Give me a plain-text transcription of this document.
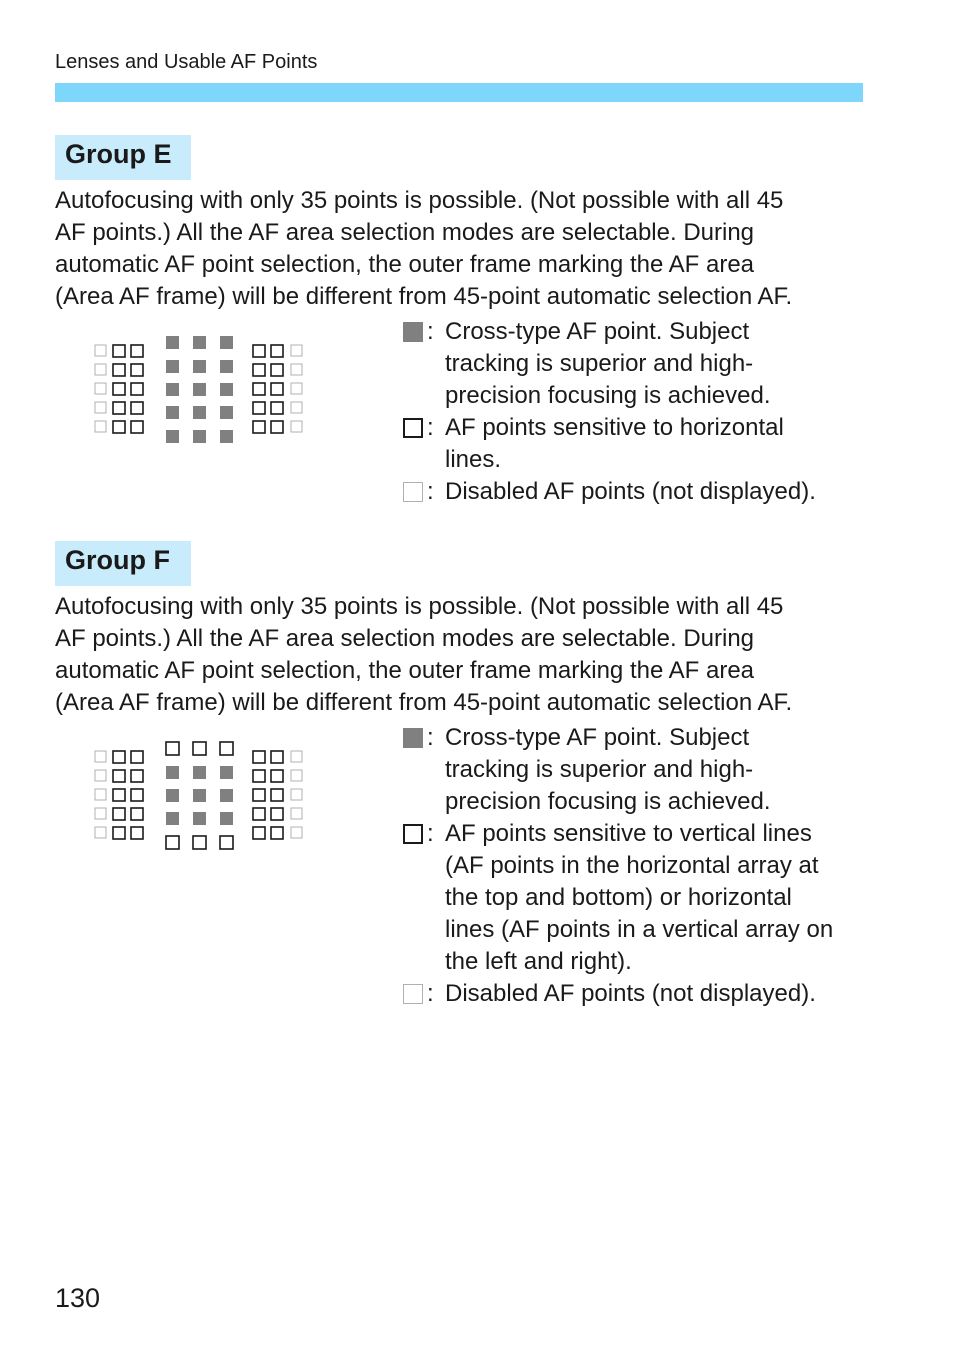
Lenses and Usable AF Points
Group E

Autofocusing with only 35 points is possible. (Not possible with all 45
AF points.) All the AF area selection modes are selectable. During
automatic AF point selection, the outer frame marking the AF area
(Area AF frame) will be different from 45-point automatic selection AF.

: Cross-type AF point. Subject
tracking is superior and high-
precision focusing is achieved.
: AF points sensitive to horizontal
lines.
: Disabled AF points (not displayed).
Group F

Autofocusing with only 35 points is possible. (Not possible with all 45
AF points.) All the AF area selection modes are selectable. During
automatic AF point selection, the outer frame marking the AF area
(Area AF frame) will be different from 45-point automatic selection AF.

: Cross-type AF point. Subject
tracking is superior and high-
precision focusing is achieved.
: AF points sensitive to vertical lines
(AF points in the horizontal array at
the top and bottom) or horizontal
lines (AF points in a vertical array on
the left and right).
: Disabled AF points (not displayed).
130
